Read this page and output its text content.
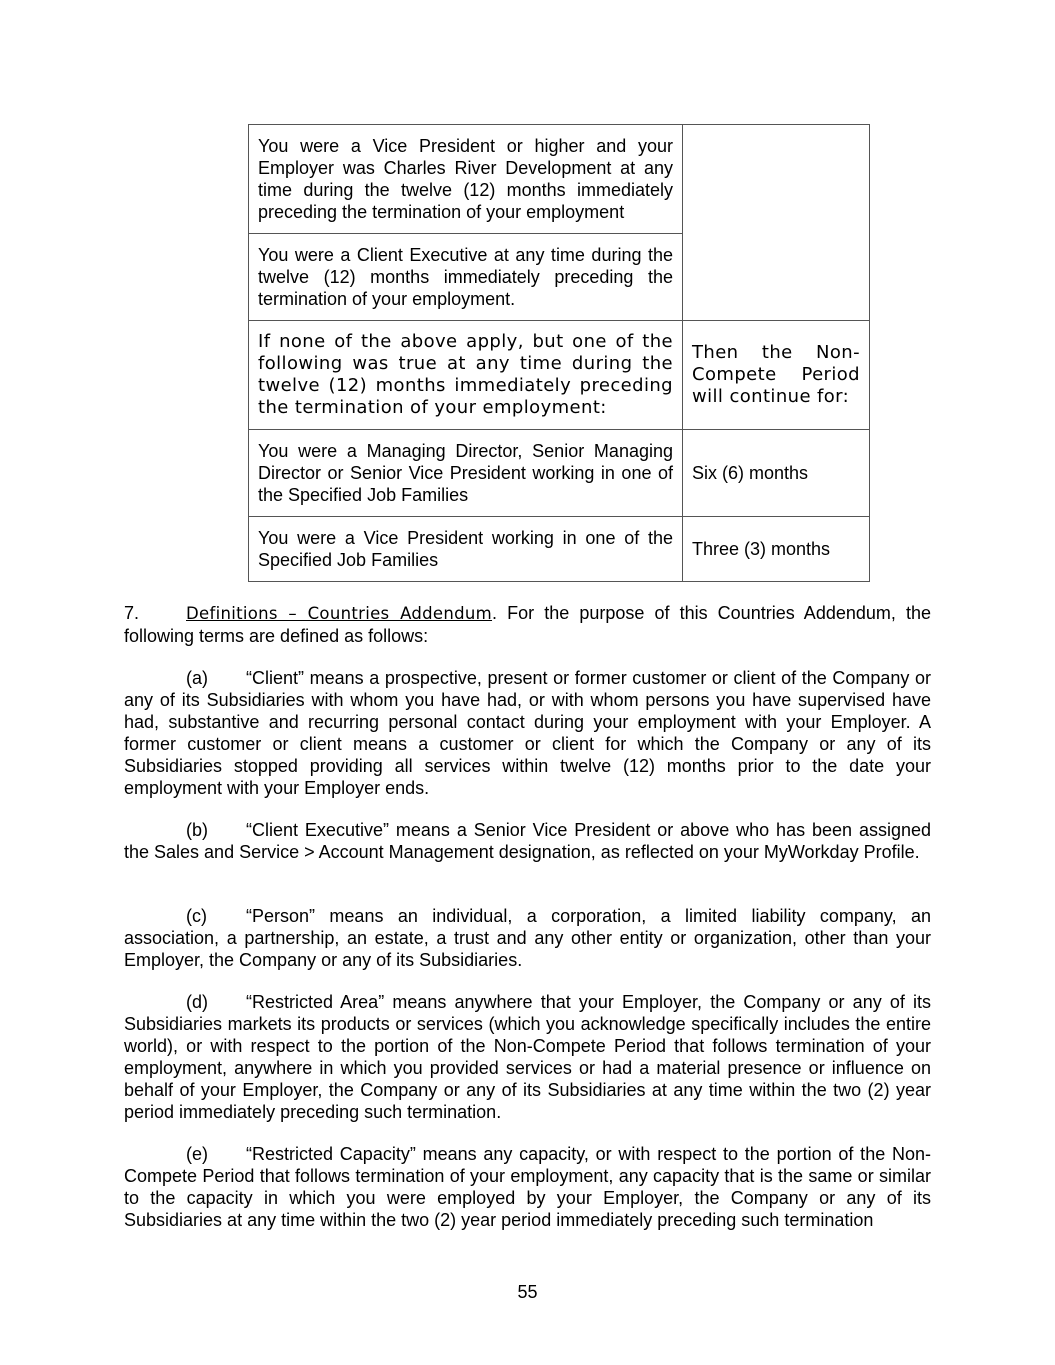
You were a Vice President or higher and your Employer was Charles River Development at any time during the twelve (12) months immediately preceding the termination of your employment	
You were a Client Executive at any time during the twelve (12) months immediately preceding the termination of your employment.	
If none of the above apply, but one of the following was true at any time during the twelve (12) months immediately preceding the termination of your employment:	Then the Non-Compete Period will continue for:
You were a Managing Director, Senior Managing Director or Senior Vice President working in one of the Specified Job Families	Six (6) months
You were a Vice President working in one of the Specified Job Families	Three (3) months

7.	Definitions – Countries Addendum. For the purpose of this Countries Addendum, the following terms are defined as follows:

(a) “Client” means a prospective, present or former customer or client of the Company or any of its Subsidiaries with whom you have had, or with whom persons you have supervised have had, substantive and recurring personal contact during your employment with your Employer. A former customer or client means a customer or client for which the Company or any of its Subsidiaries stopped providing all services within twelve (12) months prior to the date your employment with your Employer ends.

(b) “Client Executive” means a Senior Vice President or above who has been assigned the Sales and Service > Account Management designation, as reflected on your MyWorkday Profile.

(c) “Person” means an individual, a corporation, a limited liability company, an association, a partnership, an estate, a trust and any other entity or organization, other than your Employer, the Company or any of its Subsidiaries.

(d) “Restricted Area” means anywhere that your Employer, the Company or any of its Subsidiaries markets its products or services (which you acknowledge specifically includes the entire world), or with respect to the portion of the Non-Compete Period that follows termination of your employment, anywhere in which you provided services or had a material presence or influence on behalf of your Employer, the Company or any of its Subsidiaries at any time within the two (2) year period immediately preceding such termination.

(e) “Restricted Capacity” means any capacity, or with respect to the portion of the Non-Compete Period that follows termination of your employment, any capacity that is the same or similar to the capacity in which you were employed by your Employer, the Company or any of its Subsidiaries at any time within the two (2) year period immediately preceding such termination

55
